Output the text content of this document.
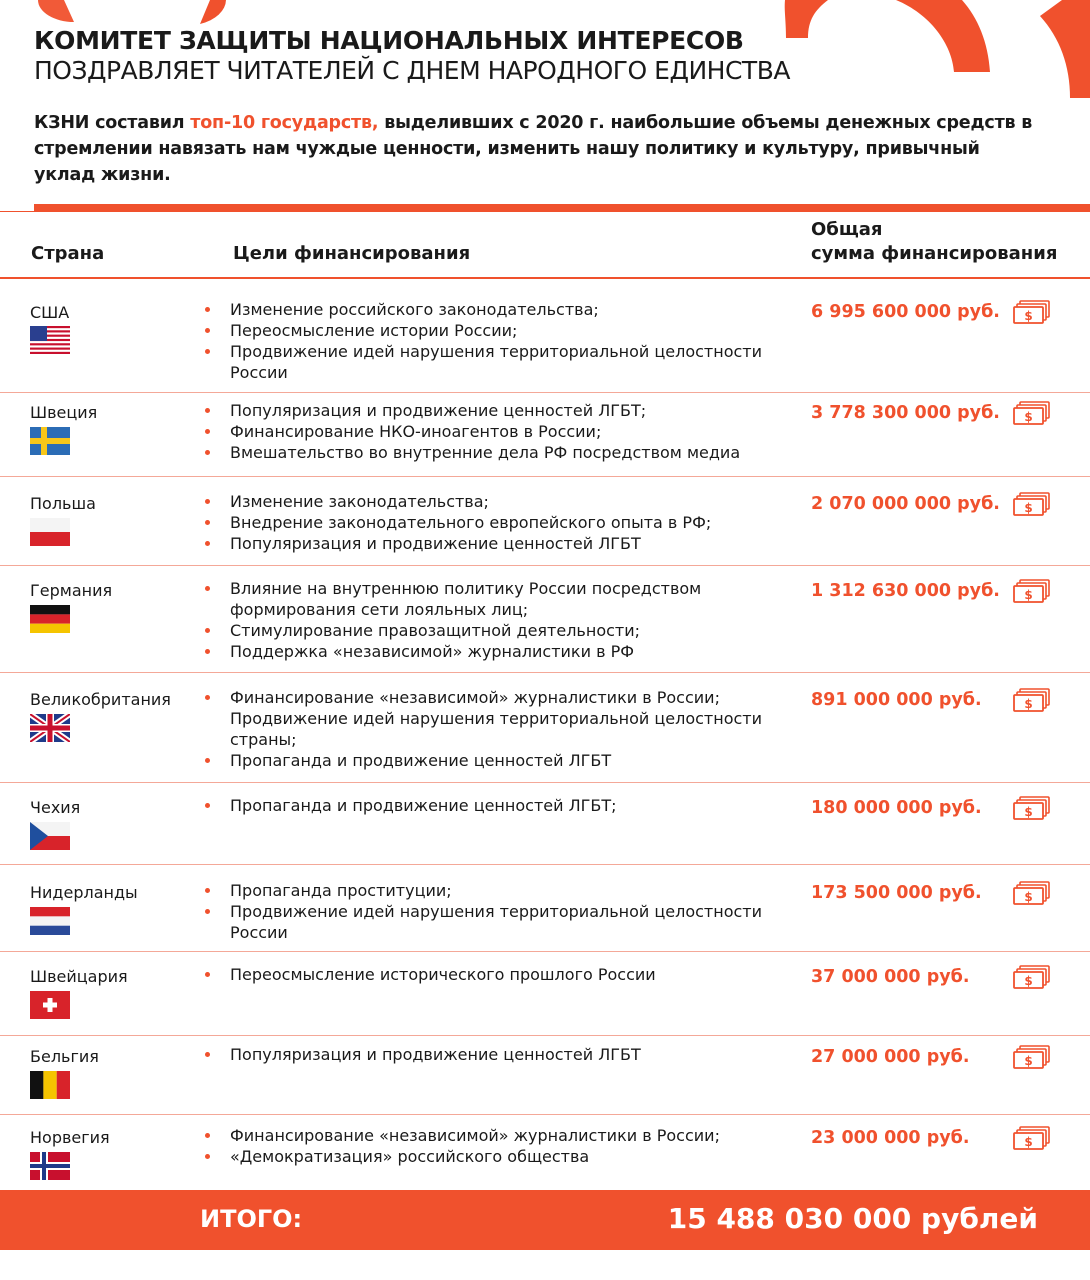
КОМИТЕТ ЗАЩИТЫ НАЦИОНАЛЬНЫХ ИНТЕРЕСОВ
ПОЗДРАВЛЯЕТ ЧИТАТЕЛЕЙ С ДНЕМ НАРОДНОГО ЕДИНСТВА
КЗНИ составил топ-10 государств, выделивших с 2020 г. наибольшие объемы денежных средств в стремлении навязать нам чуждые ценности, изменить нашу политику и культуру, привычный уклад жизни.
Страна	Цели финансирования
Общая
сумма финансирования
США	Изменение российского законодательства;
Переосмысление истории России;
Продвижение идей нарушения территориальной целостности России
6 995 600 000 руб. $
Швеция	Популяризация и продвижение ценностей ЛГБТ;
Финансирование НКО-иноагентов в России;
Вмешательство во внутренние дела РФ посредством медиа
3 778 300 000 руб. $
Польша	Изменение законодательства;
Внедрение законодательного европейского опыта в РФ;
Популяризация и продвижение ценностей ЛГБТ
2 070 000 000 руб. $
Германия	Влияние на внутреннюю политику России посредством формирования сети лояльных лиц;
Стимулирование правозащитной деятельности;
Поддержка «независимой» журналистики в РФ
1 312 630 000 руб. $
Великобритания	Финансирование «независимой» журналистики в России; Продвижение идей нарушения территориальной целостности страны;
Пропаганда и продвижение ценностей ЛГБТ
891 000 000 руб.	$
Чехия	Пропаганда и продвижение ценностей ЛГБТ;	180 000 000 руб.	$
Нидерланды	Пропаганда проституции;
Продвижение идей нарушения территориальной целостности России
173 500 000 руб.	$
Швейцария	Переосмысление исторического прошлого России	37 000 000 руб.	$
Бельгия	Популяризация и продвижение ценностей ЛГБТ	27 000 000 руб.	$
Норвегия	Финансирование «независимой» журналистики в России;
«Демократизация» российского общества
23 000 000 руб.	$
ИТОГО:	15 488 030 000 рублей
